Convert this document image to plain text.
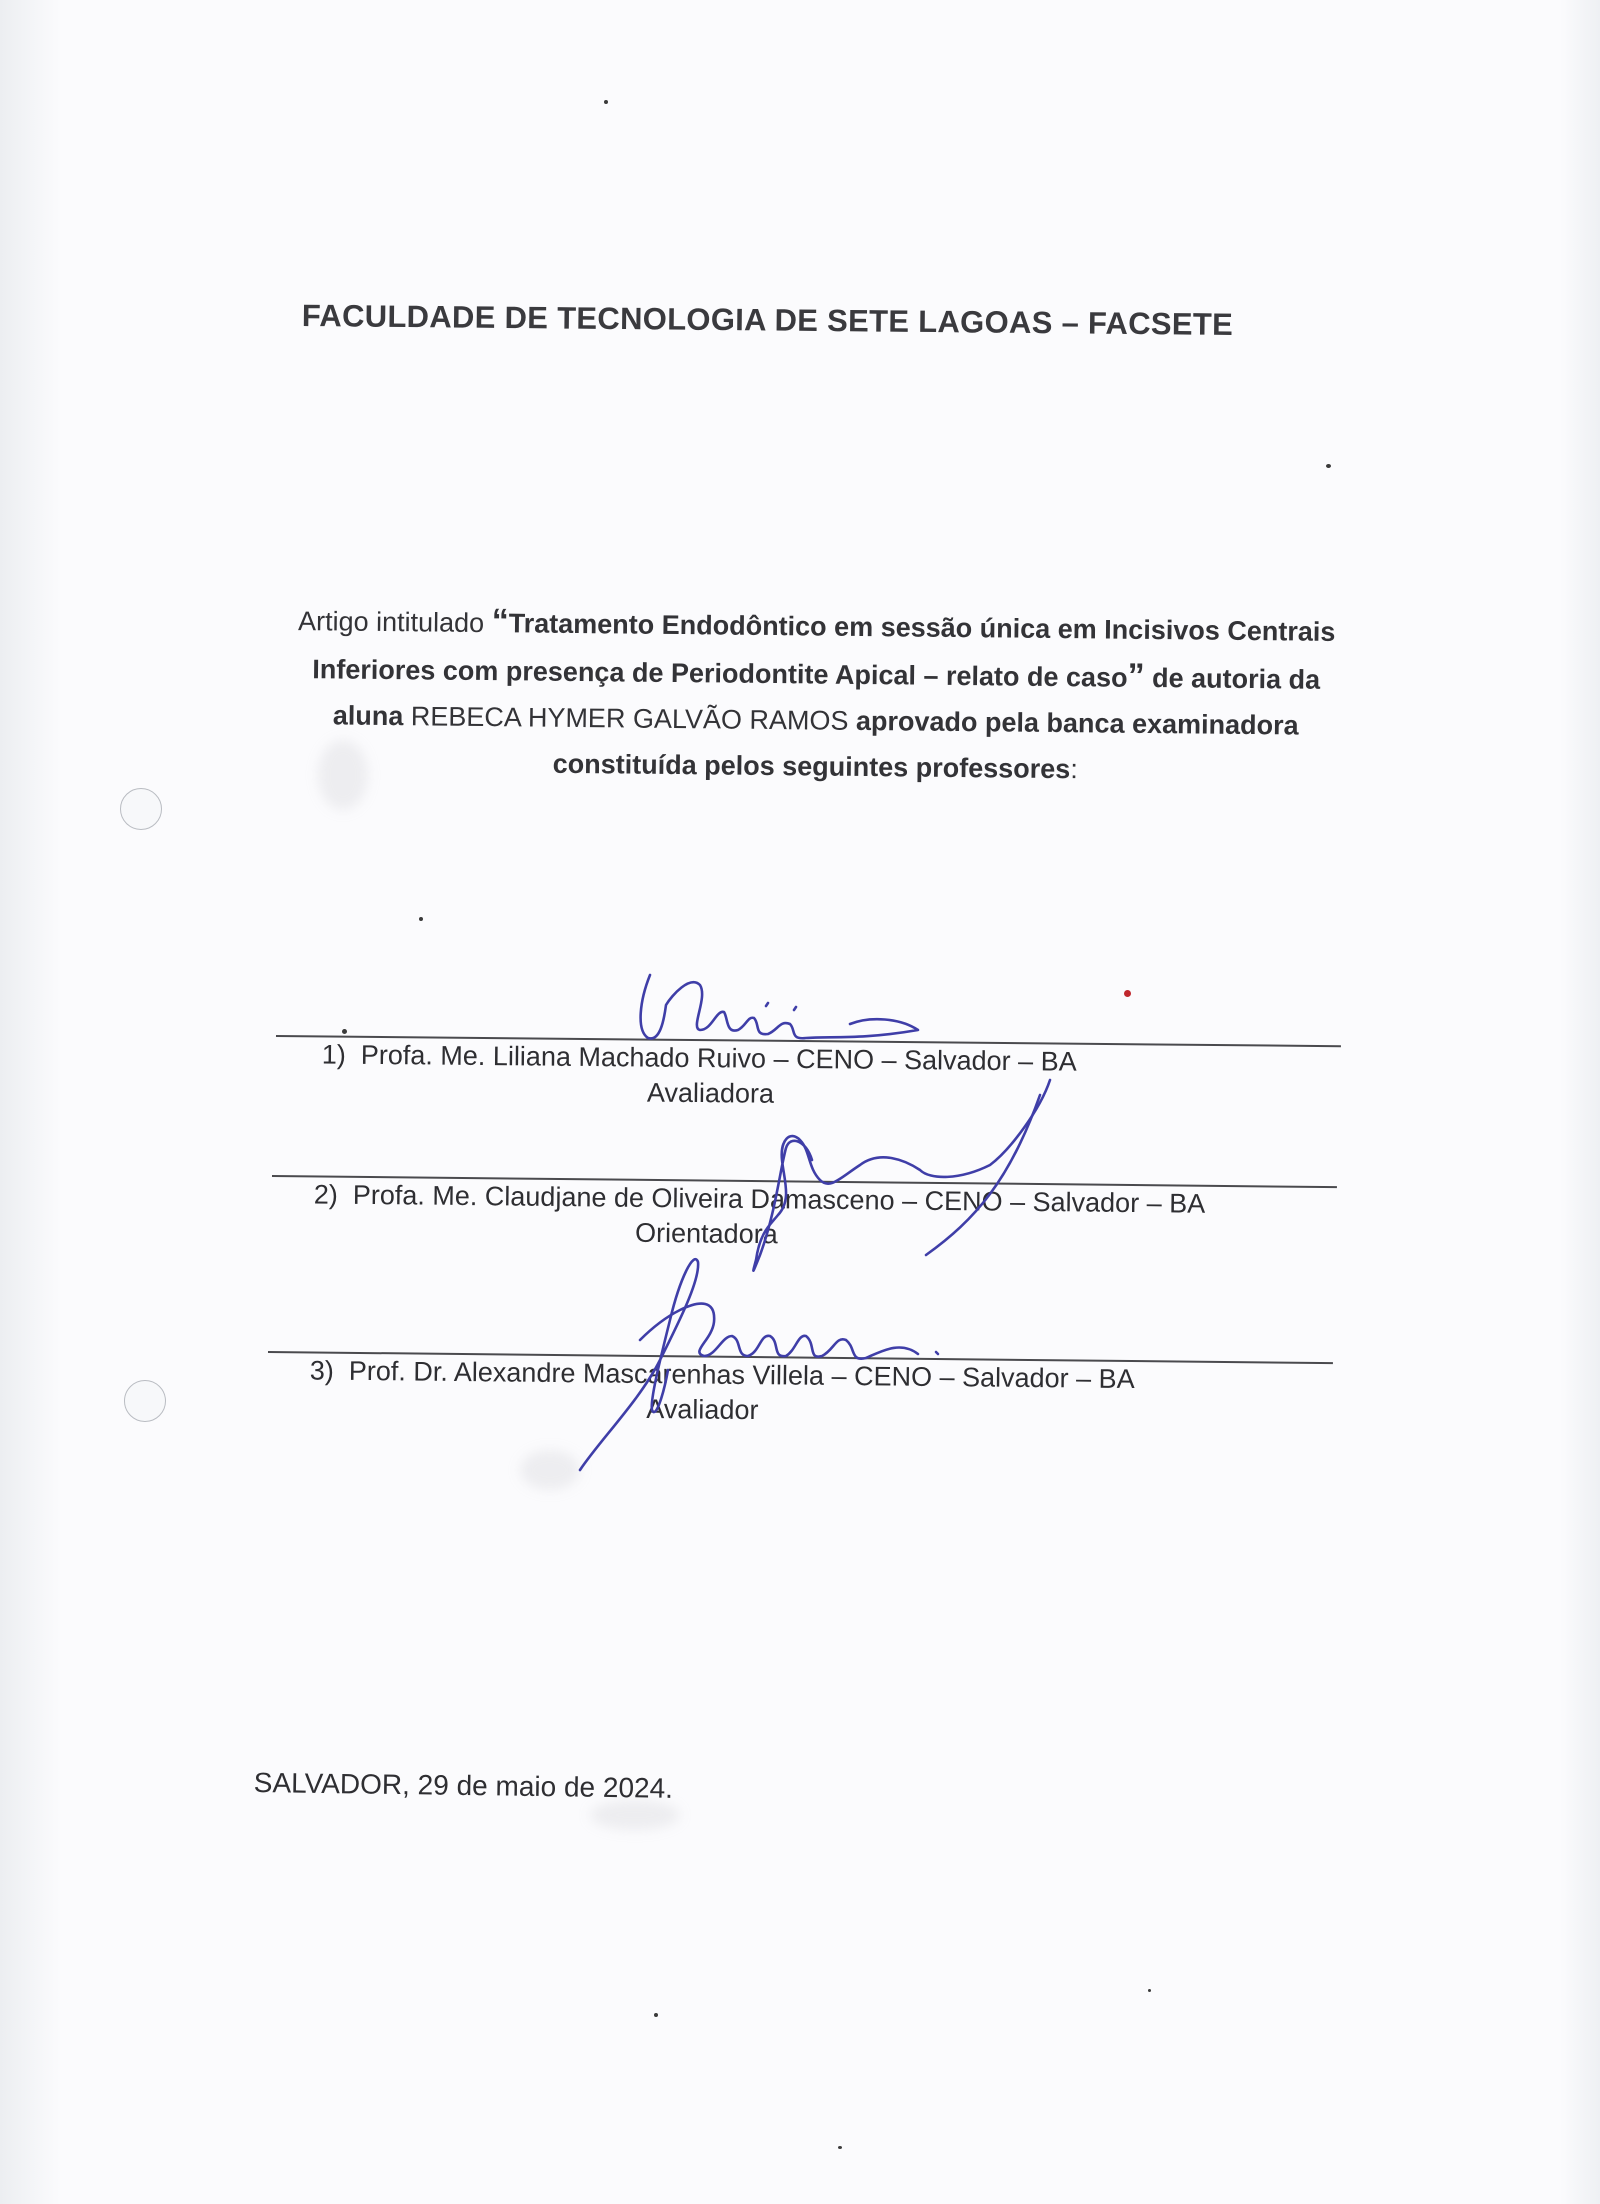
FACULDADE DE TECNOLOGIA DE SETE LAGOAS – FACSETE
Artigo intitulado “Tratamento Endodôntico em sessão única em Incisivos Centrais Inferiores com presença de Periodontite Apical – relato de caso” de autoria da aluna REBECA HYMER GALVÃO RAMOS aprovado pela banca examinadora constituída pelos seguintes professores:
1) Profa. Me. Liliana Machado Ruivo – CENO – Salvador – BA
Avaliadora
2) Profa. Me. Claudjane de Oliveira Damasceno – CENO – Salvador – BA
Orientadora
3) Prof. Dr. Alexandre Mascarenhas Villela – CENO – Salvador – BA
Avaliador
SALVADOR, 29 de maio de 2024.
